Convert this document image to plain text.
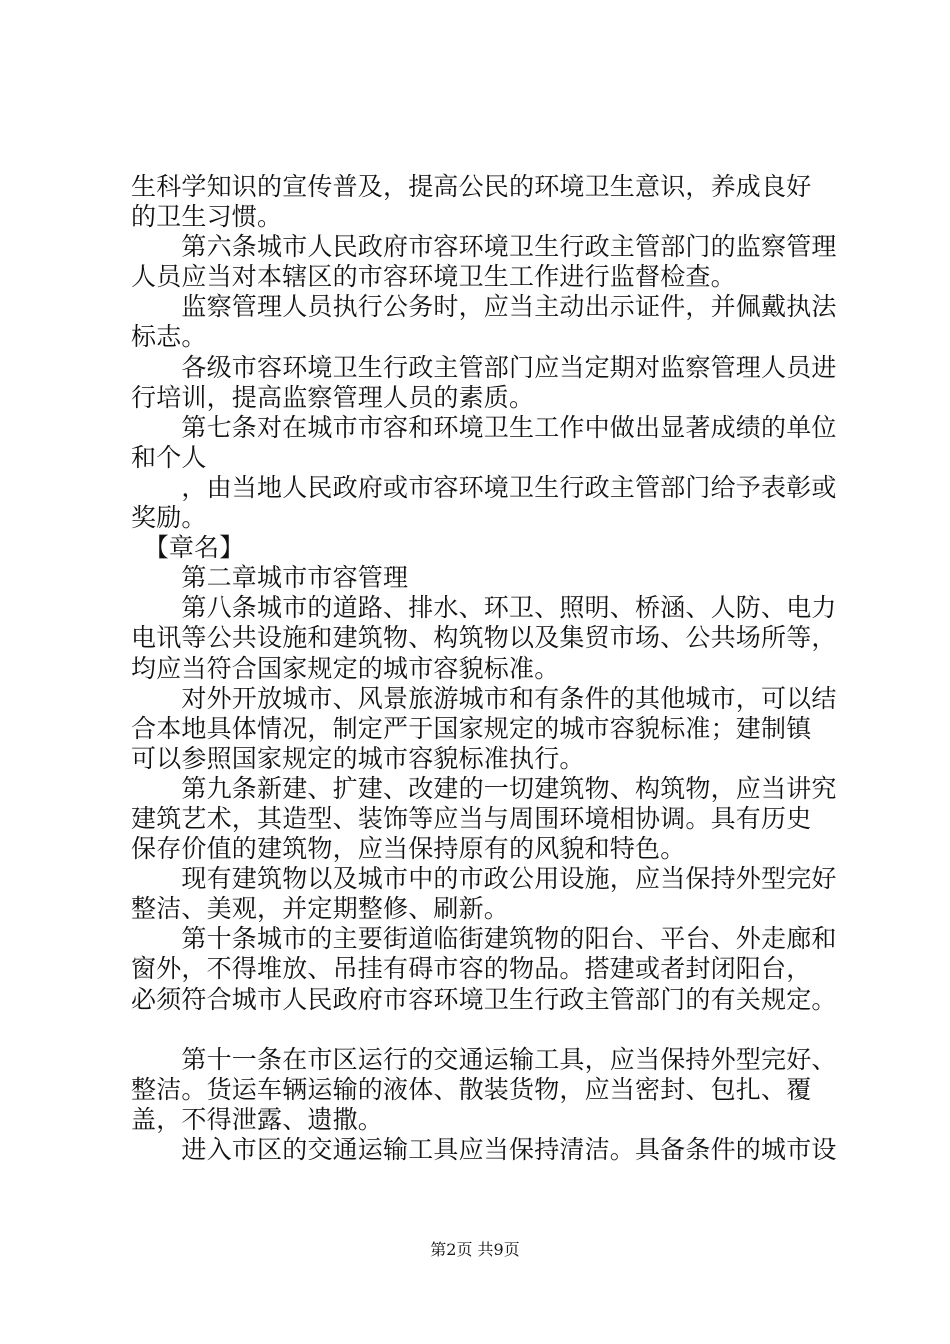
生科学知识的宣传普及，提高公民的环境卫生意识，养成良好
的卫生习惯。
　　第六条城市人民政府市容环境卫生行政主管部门的监察管理
人员应当对本辖区的市容环境卫生工作进行监督检查。
　　监察管理人员执行公务时，应当主动出示证件，并佩戴执法
标志。
　　各级市容环境卫生行政主管部门应当定期对监察管理人员进
行培训，提高监察管理人员的素质。
　　第七条对在城市市容和环境卫生工作中做出显著成绩的单位
和个人
　　，由当地人民政府或市容环境卫生行政主管部门给予表彰或
奖励。
　【章名】
　　第二章城市市容管理
　　第八条城市的道路、排水、环卫、照明、桥涵、人防、电力
电讯等公共设施和建筑物、构筑物以及集贸市场、公共场所等，
均应当符合国家规定的城市容貌标准。
　　对外开放城市、风景旅游城市和有条件的其他城市，可以结
合本地具体情况，制定严于国家规定的城市容貌标准；建制镇
可以参照国家规定的城市容貌标准执行。
　　第九条新建、扩建、改建的一切建筑物、构筑物，应当讲究
建筑艺术，其造型、装饰等应当与周围环境相协调。具有历史
保存价值的建筑物，应当保持原有的风貌和特色。
　　现有建筑物以及城市中的市政公用设施，应当保持外型完好
整洁、美观，并定期整修、刷新。
　　第十条城市的主要街道临街建筑物的阳台、平台、外走廊和
窗外，不得堆放、吊挂有碍市容的物品。搭建或者封闭阳台，
必须符合城市人民政府市容环境卫生行政主管部门的有关规定。
　　第十一条在市区运行的交通运输工具，应当保持外型完好、
整洁。货运车辆运输的液体、散装货物，应当密封、包扎、覆
盖，不得泄露、遗撒。
　　进入市区的交通运输工具应当保持清洁。具备条件的城市设
第2页 共9页
